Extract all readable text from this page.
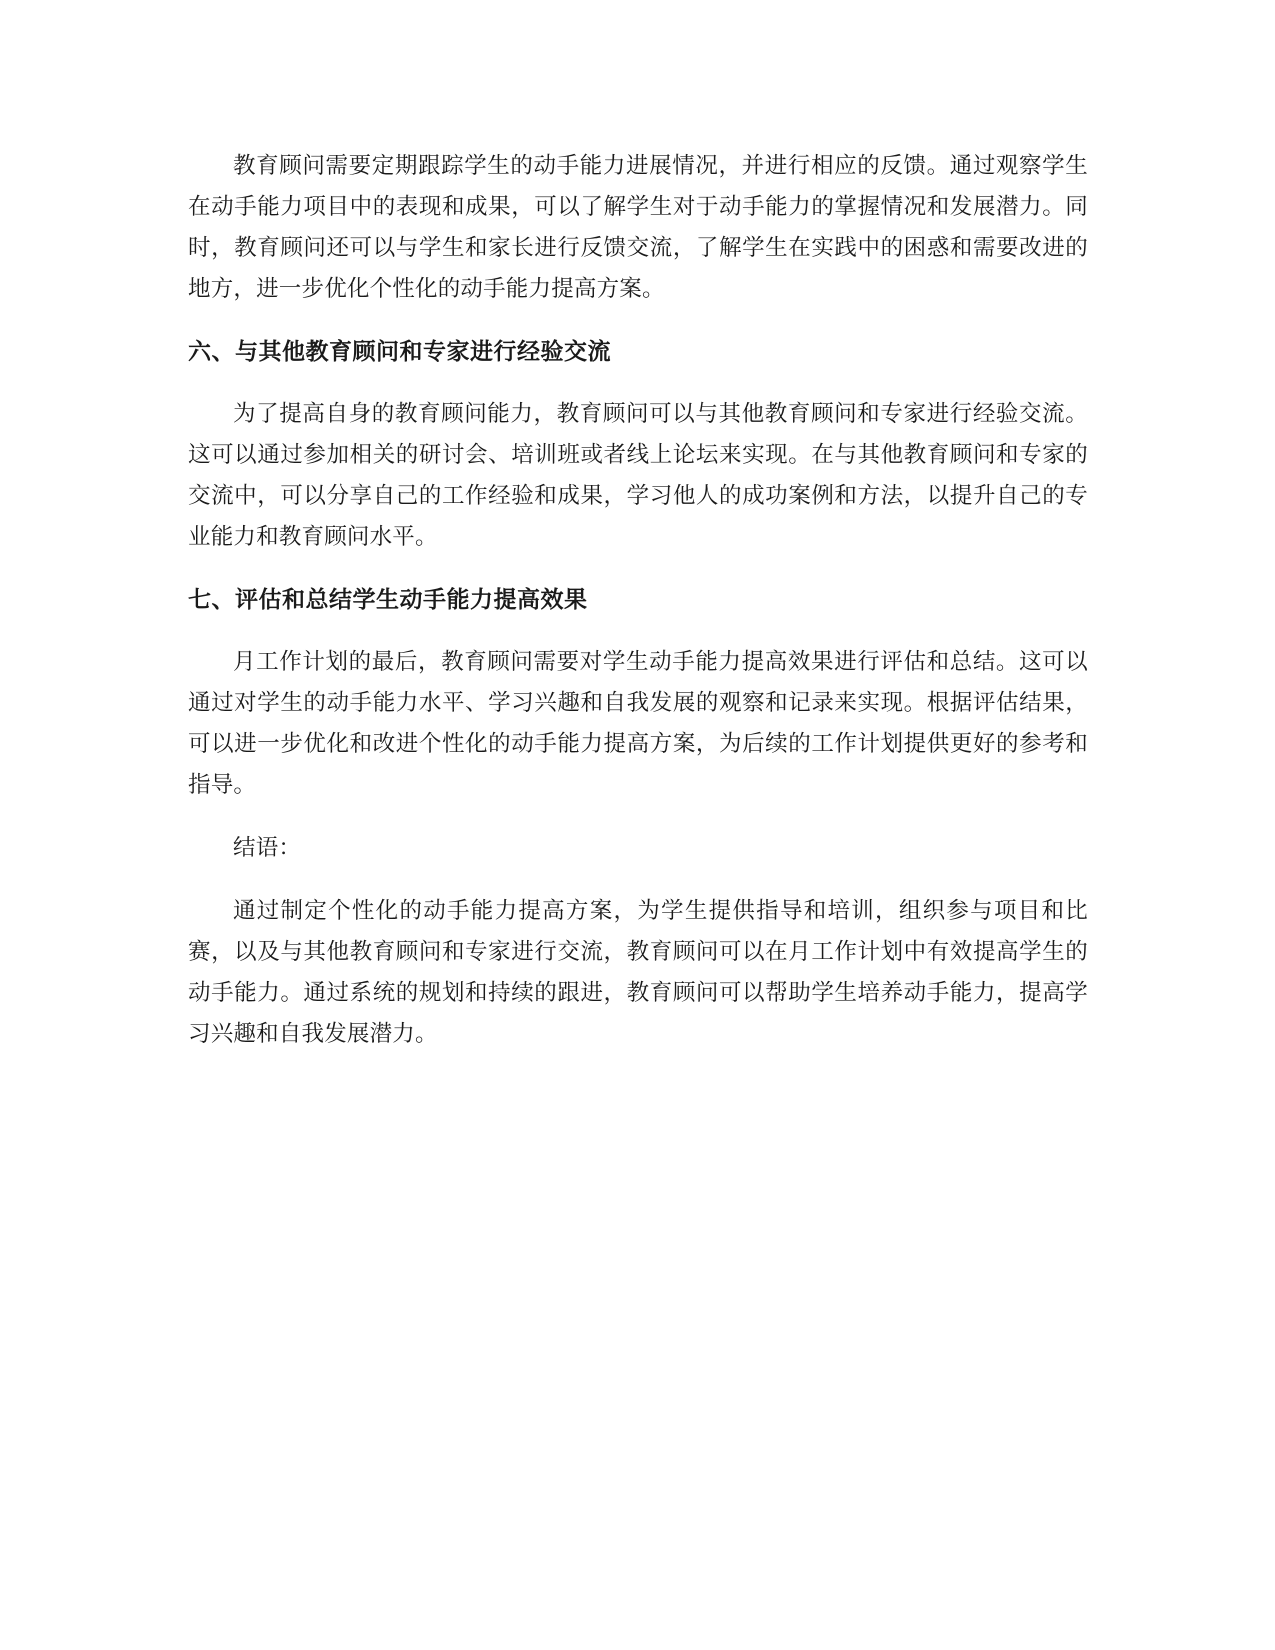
教育顾问需要定期跟踪学生的动手能力进展情况，并进行相应的反馈。通过观察学生在动手能力项目中的表现和成果，可以了解学生对于动手能力的掌握情况和发展潜力。同时，教育顾问还可以与学生和家长进行反馈交流，了解学生在实践中的困惑和需要改进的地方，进一步优化个性化的动手能力提高方案。

六、与其他教育顾问和专家进行经验交流

为了提高自身的教育顾问能力，教育顾问可以与其他教育顾问和专家进行经验交流。这可以通过参加相关的研讨会、培训班或者线上论坛来实现。在与其他教育顾问和专家的交流中，可以分享自己的工作经验和成果，学习他人的成功案例和方法，以提升自己的专业能力和教育顾问水平。

七、评估和总结学生动手能力提高效果

月工作计划的最后，教育顾问需要对学生动手能力提高效果进行评估和总结。这可以通过对学生的动手能力水平、学习兴趣和自我发展的观察和记录来实现。根据评估结果，可以进一步优化和改进个性化的动手能力提高方案，为后续的工作计划提供更好的参考和指导。

结语：

通过制定个性化的动手能力提高方案，为学生提供指导和培训，组织参与项目和比赛，以及与其他教育顾问和专家进行交流，教育顾问可以在月工作计划中有效提高学生的动手能力。通过系统的规划和持续的跟进，教育顾问可以帮助学生培养动手能力，提高学习兴趣和自我发展潜力。
